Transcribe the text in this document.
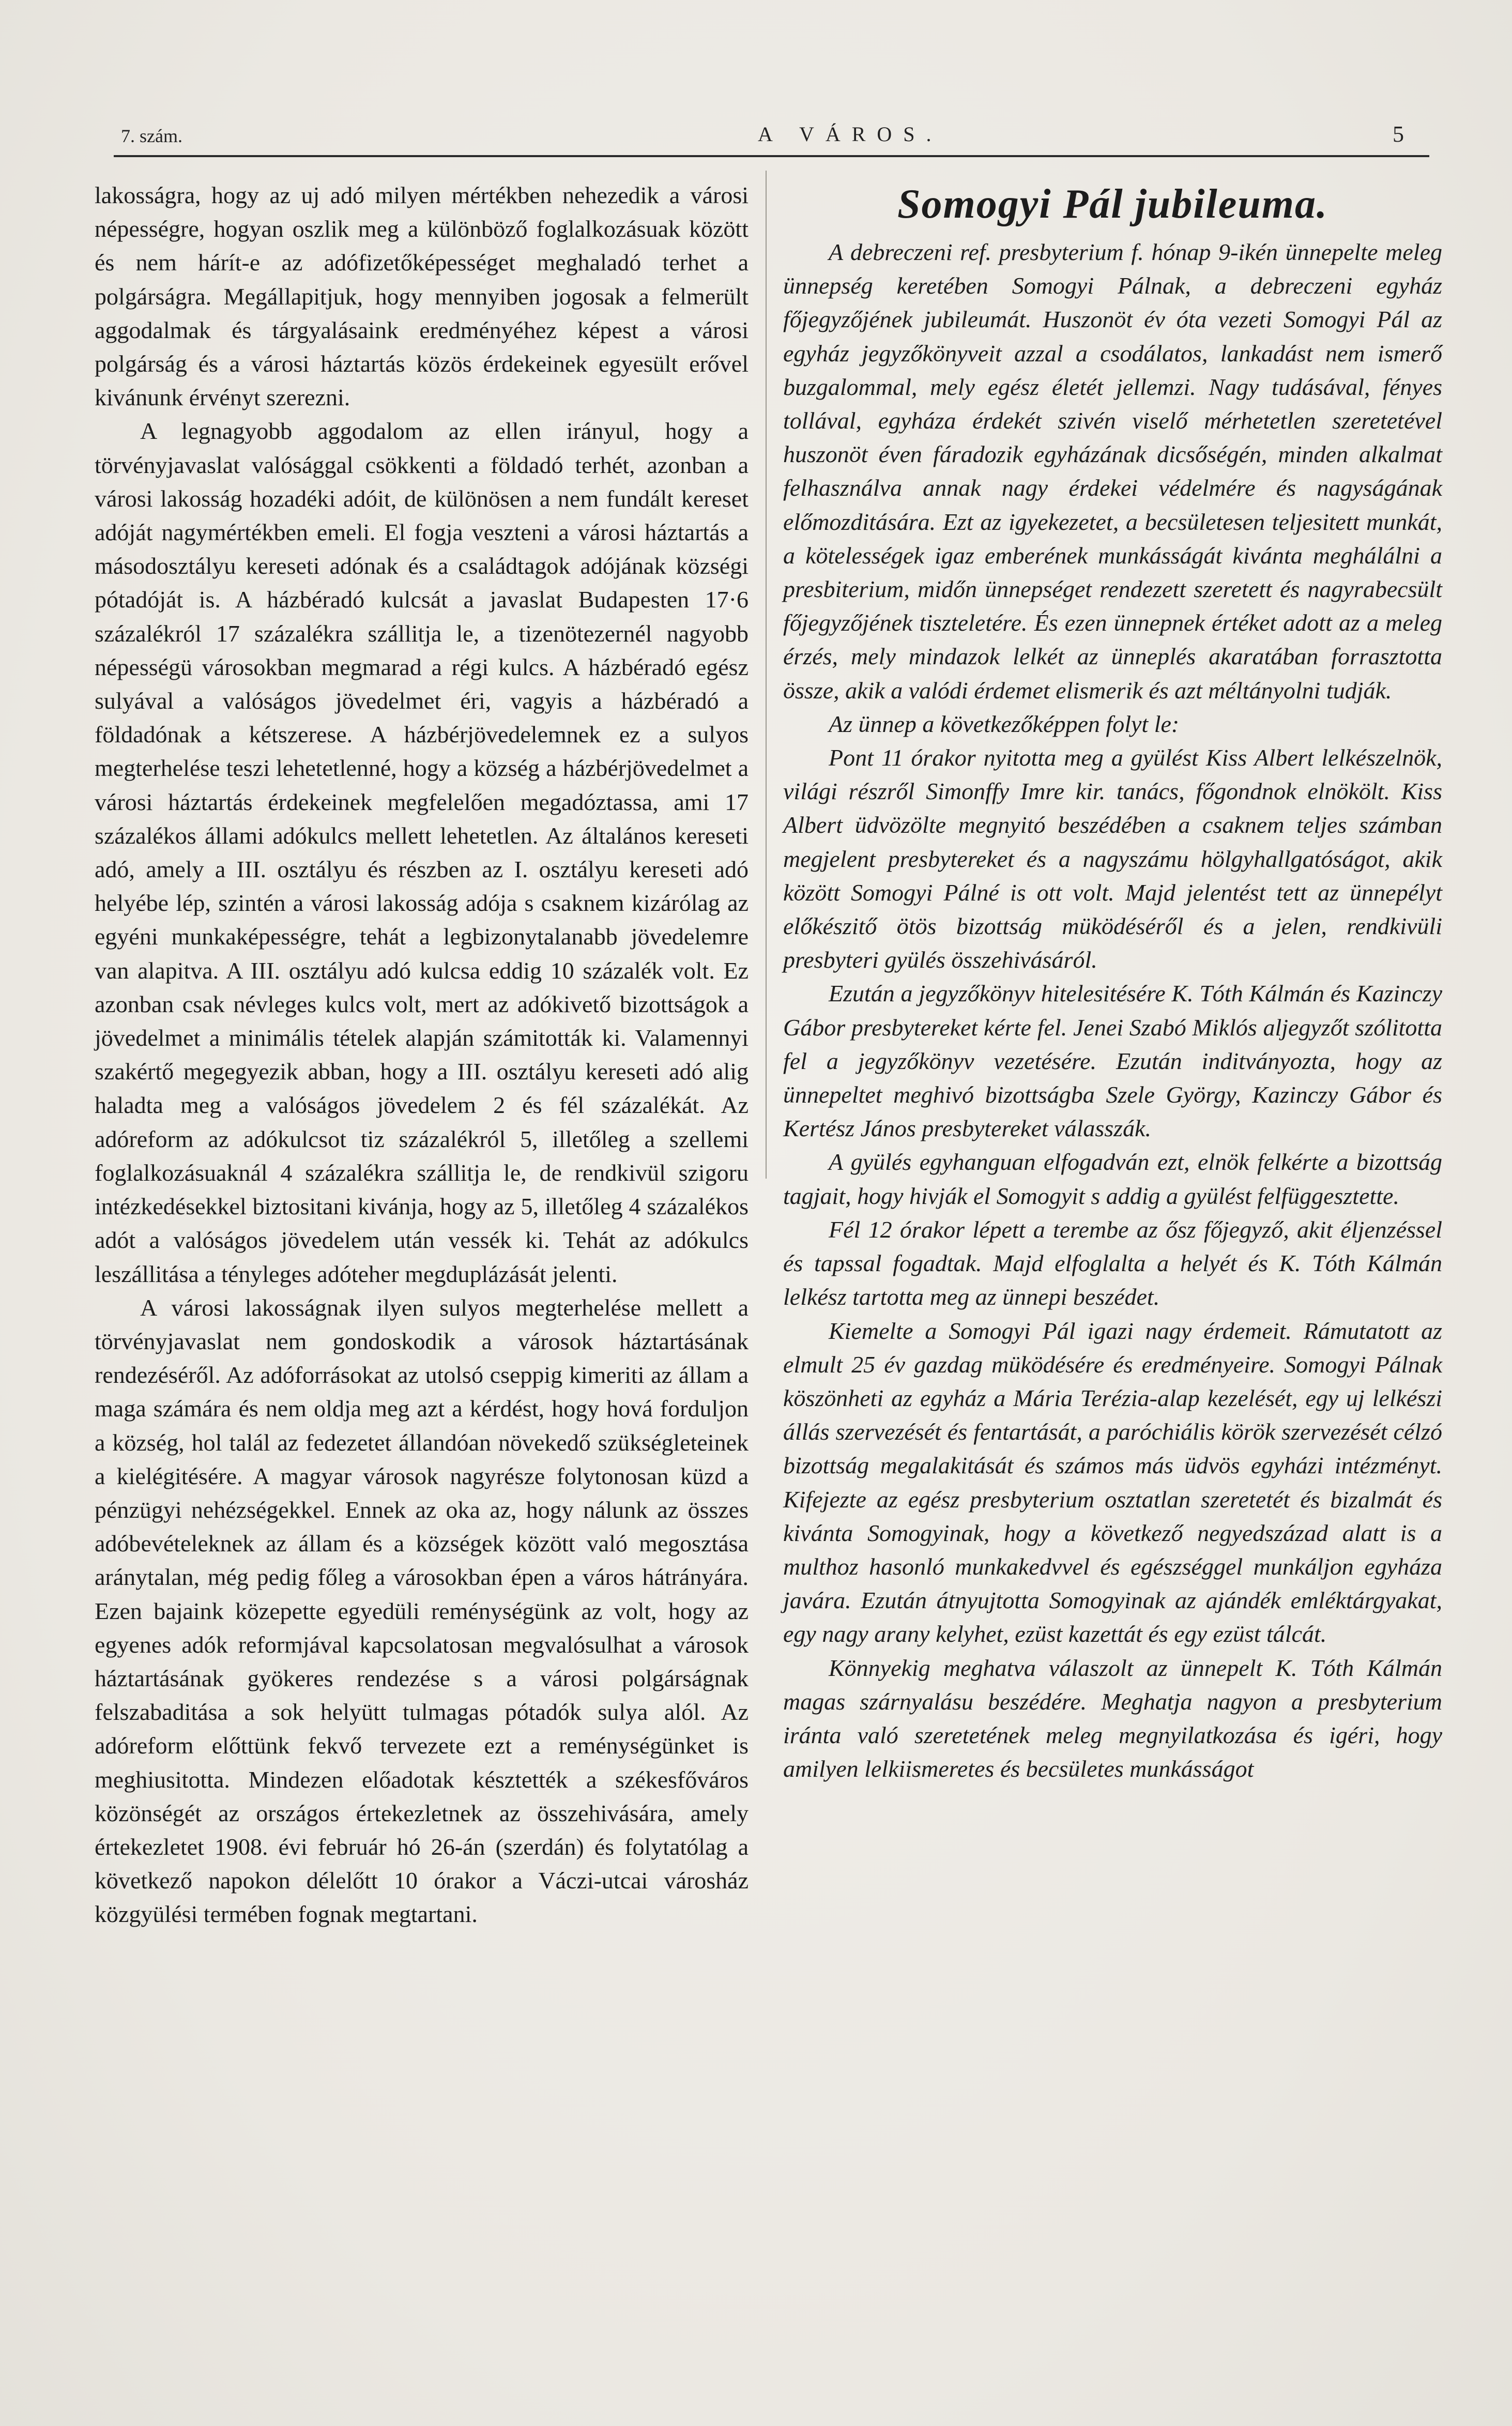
7. szám.	A VÁROS.	5

lakosságra, hogy az uj adó milyen mértékben nehezedik a városi népességre, hogyan oszlik meg a különböző foglalkozásuak között és nem hárít-e az adófizetőképességet meghaladó terhet a polgárságra. Megállapitjuk, hogy mennyiben jogosak a felmerült aggodalmak és tárgyalásaink eredményéhez képest a városi polgárság és a városi háztartás közös érdekeinek egyesült erővel kivánunk érvényt szerezni.

A legnagyobb aggodalom az ellen irányul, hogy a törvényjavaslat valósággal csökkenti a földadó terhét, azonban a városi lakosság hozadéki adóit, de különösen a nem fundált kereset adóját nagymértékben emeli. El fogja veszteni a városi háztartás a másodosztályu kereseti adónak és a családtagok adójának községi pótadóját is. A házbéradó kulcsát a javaslat Budapesten 17·6 százalékról 17 százalékra szállitja le, a tizenötezernél nagyobb népességü városokban megmarad a régi kulcs. A házbéradó egész sulyával a valóságos jövedelmet éri, vagyis a házbéradó a földadónak a kétszerese. A házbérjövedelemnek ez a sulyos megterhelése teszi lehetetlenné, hogy a község a házbérjövedelmet a városi háztartás érdekeinek megfelelően megadóztassa, ami 17 százalékos állami adókulcs mellett lehetetlen. Az általános kereseti adó, amely a III. osztályu és részben az I. osztályu kereseti adó helyébe lép, szintén a városi lakosság adója s csaknem kizárólag az egyéni munkaképességre, tehát a legbizonytalanabb jövedelemre van alapitva. A III. osztályu adó kulcsa eddig 10 százalék volt. Ez azonban csak névleges kulcs volt, mert az adókivető bizottságok a jövedelmet a minimális tételek alapján számitották ki. Valamennyi szakértő megegyezik abban, hogy a III. osztályu kereseti adó alig haladta meg a valóságos jövedelem 2 és fél százalékát. Az adóreform az adókulcsot tiz százalékról 5, illetőleg a szellemi foglalkozásuaknál 4 százalékra szállitja le, de rendkivül szigoru intézkedésekkel biztositani kivánja, hogy az 5, illetőleg 4 százalékos adót a valóságos jövedelem után vessék ki. Tehát az adókulcs leszállitása a tényleges adóteher megduplázását jelenti.

A városi lakosságnak ilyen sulyos megterhelése mellett a törvényjavaslat nem gondoskodik a városok háztartásának rendezéséről. Az adóforrásokat az utolsó cseppig kimeriti az állam a maga számára és nem oldja meg azt a kérdést, hogy hová forduljon a község, hol talál az fedezetet állandóan növekedő szükségleteinek a kielégitésére. A magyar városok nagyrésze folytonosan küzd a pénzügyi nehézségekkel. Ennek az oka az, hogy nálunk az összes adóbevételeknek az állam és a községek között való megosztása aránytalan, még pedig főleg a városokban épen a város hátrányára. Ezen bajaink közepette egyedüli reménységünk az volt, hogy az egyenes adók reformjával kapcsolatosan megvalósulhat a városok háztartásának gyökeres rendezése s a városi polgárságnak felszabaditása a sok helyütt tulmagas pótadók sulya alól. Az adóreform előttünk fekvő tervezete ezt a reménységünket is meghiusitotta. Mindezen előadotak késztették a székesfőváros közönségét az országos értekezletnek az összehivására, amely értekezletet 1908. évi február hó 26-án (szerdán) és folytatólag a következő napokon délelőtt 10 órakor a Váczi-utcai városház közgyülési termében fognak megtartani.

Somogyi Pál jubileuma.

A debreczeni ref. presbyterium f. hónap 9-ikén ünnepelte meleg ünnepség keretében Somogyi Pálnak, a debreczeni egyház főjegyzőjének jubileumát. Huszonöt év óta vezeti Somogyi Pál az egyház jegyzőkönyveit azzal a csodálatos, lankadást nem ismerő buzgalommal, mely egész életét jellemzi. Nagy tudásával, fényes tollával, egyháza érdekét szivén viselő mérhetetlen szeretetével huszonöt éven fáradozik egyházának dicsőségén, minden alkalmat felhasználva annak nagy érdekei védelmére és nagyságának előmozditására. Ezt az igyekezetet, a becsületesen teljesitett munkát, a kötelességek igaz emberének munkásságát kivánta meghálálni a presbiterium, midőn ünnepséget rendezett szeretett és nagyrabecsült főjegyzőjének tiszteletére. És ezen ünnepnek értéket adott az a meleg érzés, mely mindazok lelkét az ünneplés akaratában forrasztotta össze, akik a valódi érdemet elismerik és azt méltányolni tudják.

Az ünnep a következőképpen folyt le:

Pont 11 órakor nyitotta meg a gyülést Kiss Albert lelkészelnök, világi részről Simonffy Imre kir. tanács, főgondnok elnökölt. Kiss Albert üdvözölte megnyitó beszédében a csaknem teljes számban megjelent presbytereket és a nagyszámu hölgyhallgatóságot, akik között Somogyi Pálné is ott volt. Majd jelentést tett az ünnepélyt előkészitő ötös bizottság müködéséről és a jelen, rendkivüli presbyteri gyülés összehivásáról.

Ezután a jegyzőkönyv hitelesitésére K. Tóth Kálmán és Kazinczy Gábor presbytereket kérte fel. Jenei Szabó Miklós aljegyzőt szólitotta fel a jegyzőkönyv vezetésére. Ezután inditványozta, hogy az ünnepeltet meghivó bizottságba Szele György, Kazinczy Gábor és Kertész János presbytereket válasszák.

A gyülés egyhanguan elfogadván ezt, elnök felkérte a bizottság tagjait, hogy hivják el Somogyit s addig a gyülést felfüggesztette.

Fél 12 órakor lépett a terembe az ősz főjegyző, akit éljenzéssel és tapssal fogadtak. Majd elfoglalta a helyét és K. Tóth Kálmán lelkész tartotta meg az ünnepi beszédet.

Kiemelte a Somogyi Pál igazi nagy érdemeit. Rámutatott az elmult 25 év gazdag müködésére és eredményeire. Somogyi Pálnak köszönheti az egyház a Mária Terézia-alap kezelését, egy uj lelkészi állás szervezését és fentartását, a paróchiális körök szervezését célzó bizottság megalakitását és számos más üdvös egyházi intézményt. Kifejezte az egész presbyterium osztatlan szeretetét és bizalmát és kivánta Somogyinak, hogy a következő negyedszázad alatt is a multhoz hasonló munkakedvvel és egészséggel munkáljon egyháza javára. Ezután átnyujtotta Somogyinak az ajándék emléktárgyakat, egy nagy arany kelyhet, ezüst kazettát és egy ezüst tálcát.

Könnyekig meghatva válaszolt az ünnepelt K. Tóth Kálmán magas szárnyalásu beszédére. Meghatja nagyon a presbyterium iránta való szeretetének meleg megnyilatkozása és igéri, hogy amilyen lelkiismeretes és becsületes munkásságot
